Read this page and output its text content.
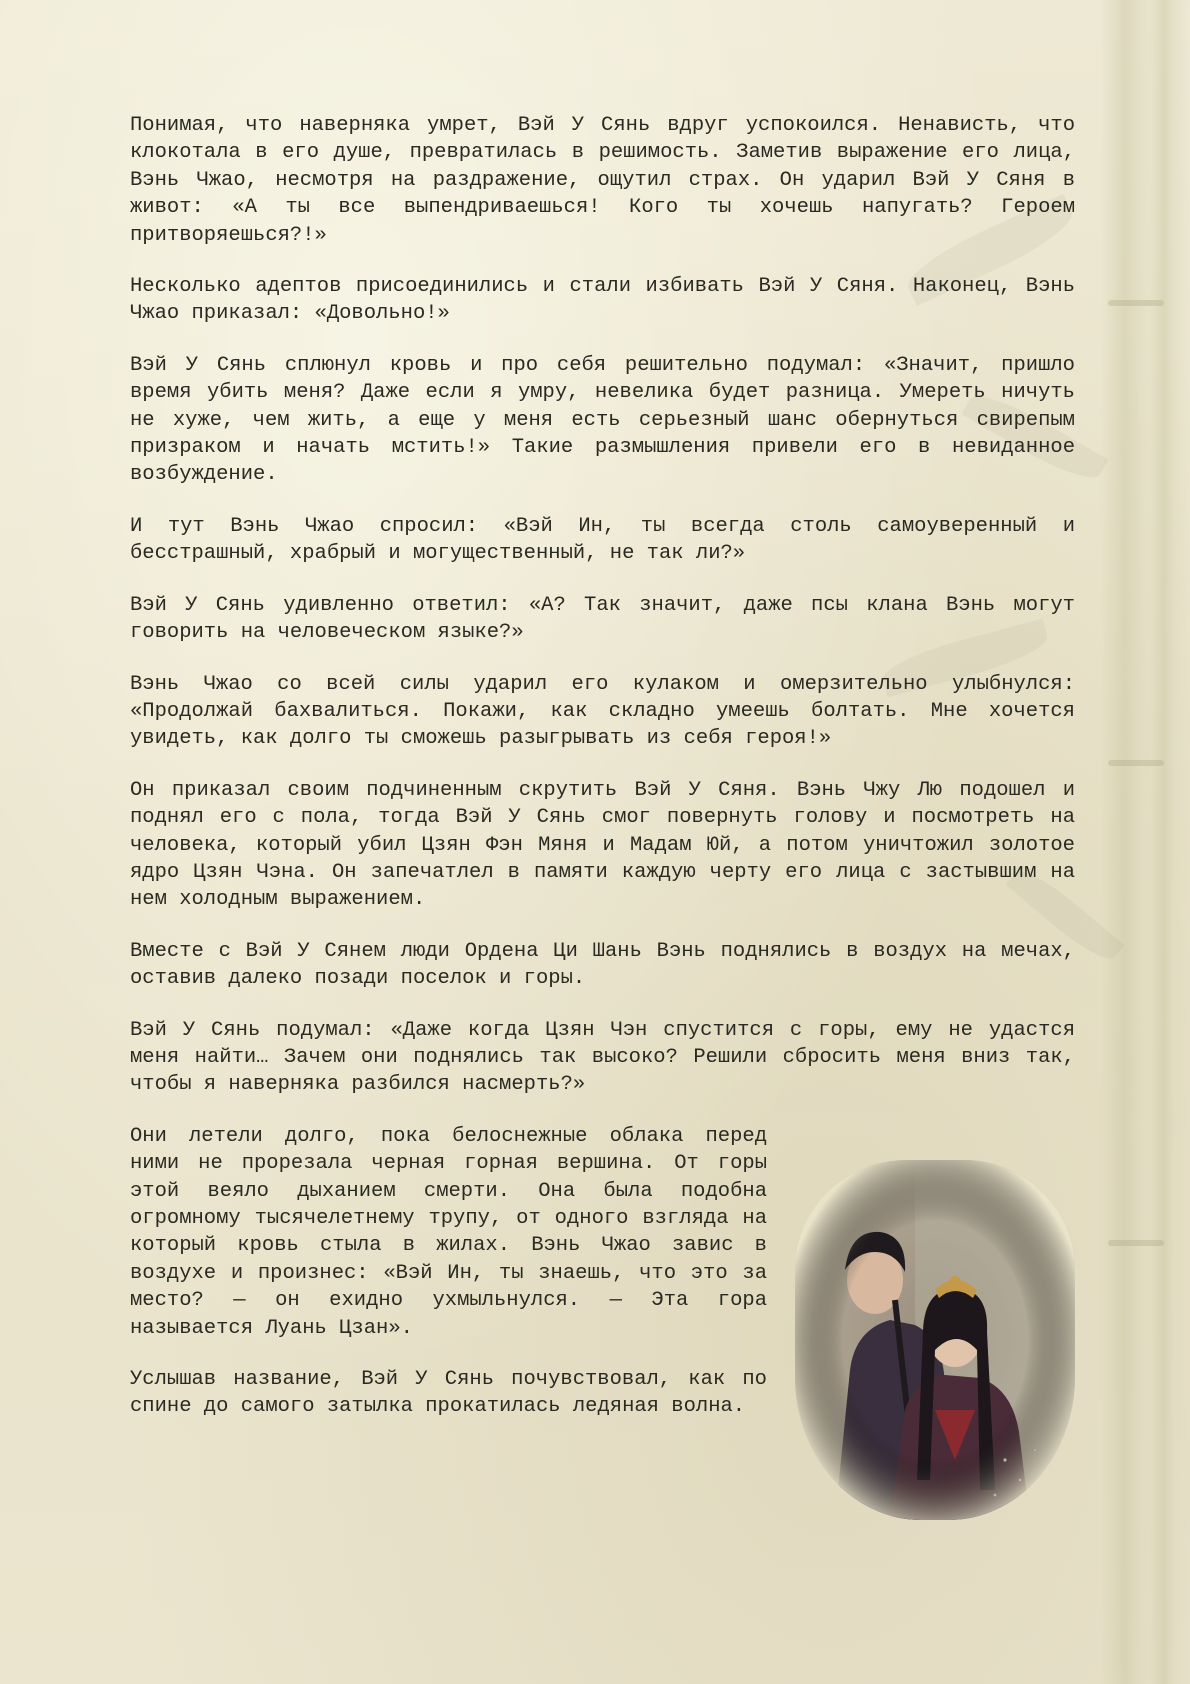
Понимая, что наверняка умрет, Вэй У Сянь вдруг успокоился. Ненависть, что клокотала в его душе, превратилась в решимость. Заметив выражение его лица, Вэнь Чжао, несмотря на раздражение, ощутил страх. Он ударил Вэй У Сяня в живот: «А ты все выпендриваешься! Кого ты хочешь напугать? Героем притворяешься?!»

Несколько адептов присоединились и стали избивать Вэй У Сяня. Наконец, Вэнь Чжао приказал: «Довольно!»

Вэй У Сянь сплюнул кровь и про себя решительно подумал: «Значит, пришло время убить меня? Даже если я умру, невелика будет разница. Умереть ничуть не хуже, чем жить, а еще у меня есть серьезный шанс обернуться свирепым призраком и начать мстить!» Такие размышления привели его в невиданное возбуждение.

И тут Вэнь Чжао спросил: «Вэй Ин, ты всегда столь самоуверенный и бесстрашный, храбрый и могущественный, не так ли?»

Вэй У Сянь удивленно ответил: «А? Так значит, даже псы клана Вэнь могут говорить на человеческом языке?»

Вэнь Чжао со всей силы ударил его кулаком и омерзительно улыбнулся: «Продолжай бахвалиться. Покажи, как складно умеешь болтать. Мне хочется увидеть, как долго ты сможешь разыгрывать из себя героя!»

Он приказал своим подчиненным скрутить Вэй У Сяня. Вэнь Чжу Лю подошел и поднял его с пола, тогда Вэй У Сянь смог повернуть голову и посмотреть на человека, который убил Цзян Фэн Мяня и Мадам Юй, а потом уничтожил золотое ядро Цзян Чэна. Он запечатлел в памяти каждую черту его лица с застывшим на нем холодным выражением.

Вместе с Вэй У Сянем люди Ордена Ци Шань Вэнь поднялись в воздух на мечах, оставив далеко позади поселок и горы.

Вэй У Сянь подумал: «Даже когда Цзян Чэн спустится с горы, ему не удастся меня найти… Зачем они поднялись так высоко? Решили сбросить меня вниз так, чтобы я наверняка разбился насмерть?»

Они летели долго, пока белоснежные облака перед ними не прорезала черная горная вершина. От горы этой веяло дыханием смерти. Она была подобна огромному тысячелетнему трупу, от одного взгляда на который кровь стыла в жилах. Вэнь Чжао завис в воздухе и произнес: «Вэй Ин, ты знаешь, что это за место? — он ехидно ухмыльнулся. — Эта гора называется Луань Цзан».

Услышав название, Вэй У Сянь почувствовал, как по спине до самого затылка прокатилась ледяная волна.
